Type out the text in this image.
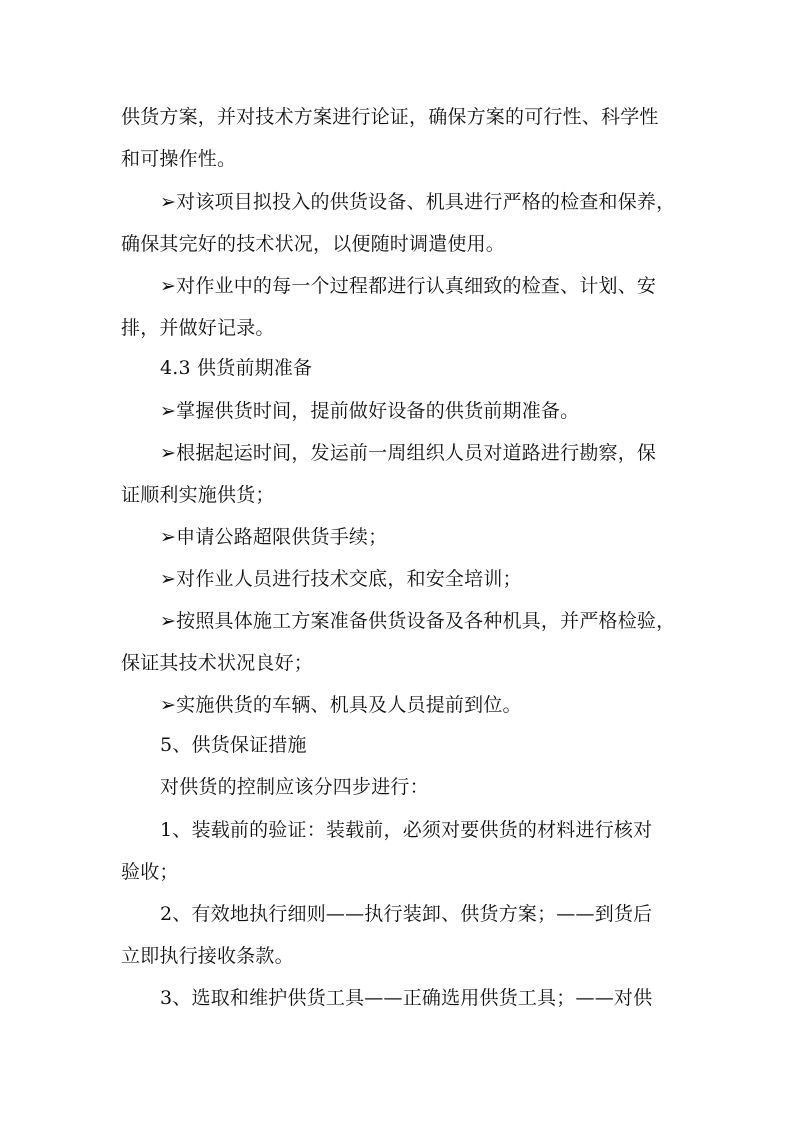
供货方案，并对技术方案进行论证，确保方案的可行性、科学性
和可操作性。
➢对该项目拟投入的供货设备、机具进行严格的检查和保养，
确保其完好的技术状况，以便随时调遣使用。
➢对作业中的每一个过程都进行认真细致的检查、计划、安
排，并做好记录。
4.3 供货前期准备
➢掌握供货时间，提前做好设备的供货前期准备。
➢根据起运时间，发运前一周组织人员对道路进行勘察，保
证顺利实施供货；
➢申请公路超限供货手续；
➢对作业人员进行技术交底，和安全培训；
➢按照具体施工方案准备供货设备及各种机具，并严格检验，
保证其技术状况良好；
➢实施供货的车辆、机具及人员提前到位。
5、供货保证措施
对供货的控制应该分四步进行：
1、装载前的验证：装载前，必须对要供货的材料进行核对
验收；
2、有效地执行细则——执行装卸、供货方案；——到货后
立即执行接收条款。
3、选取和维护供货工具——正确选用供货工具；——对供
